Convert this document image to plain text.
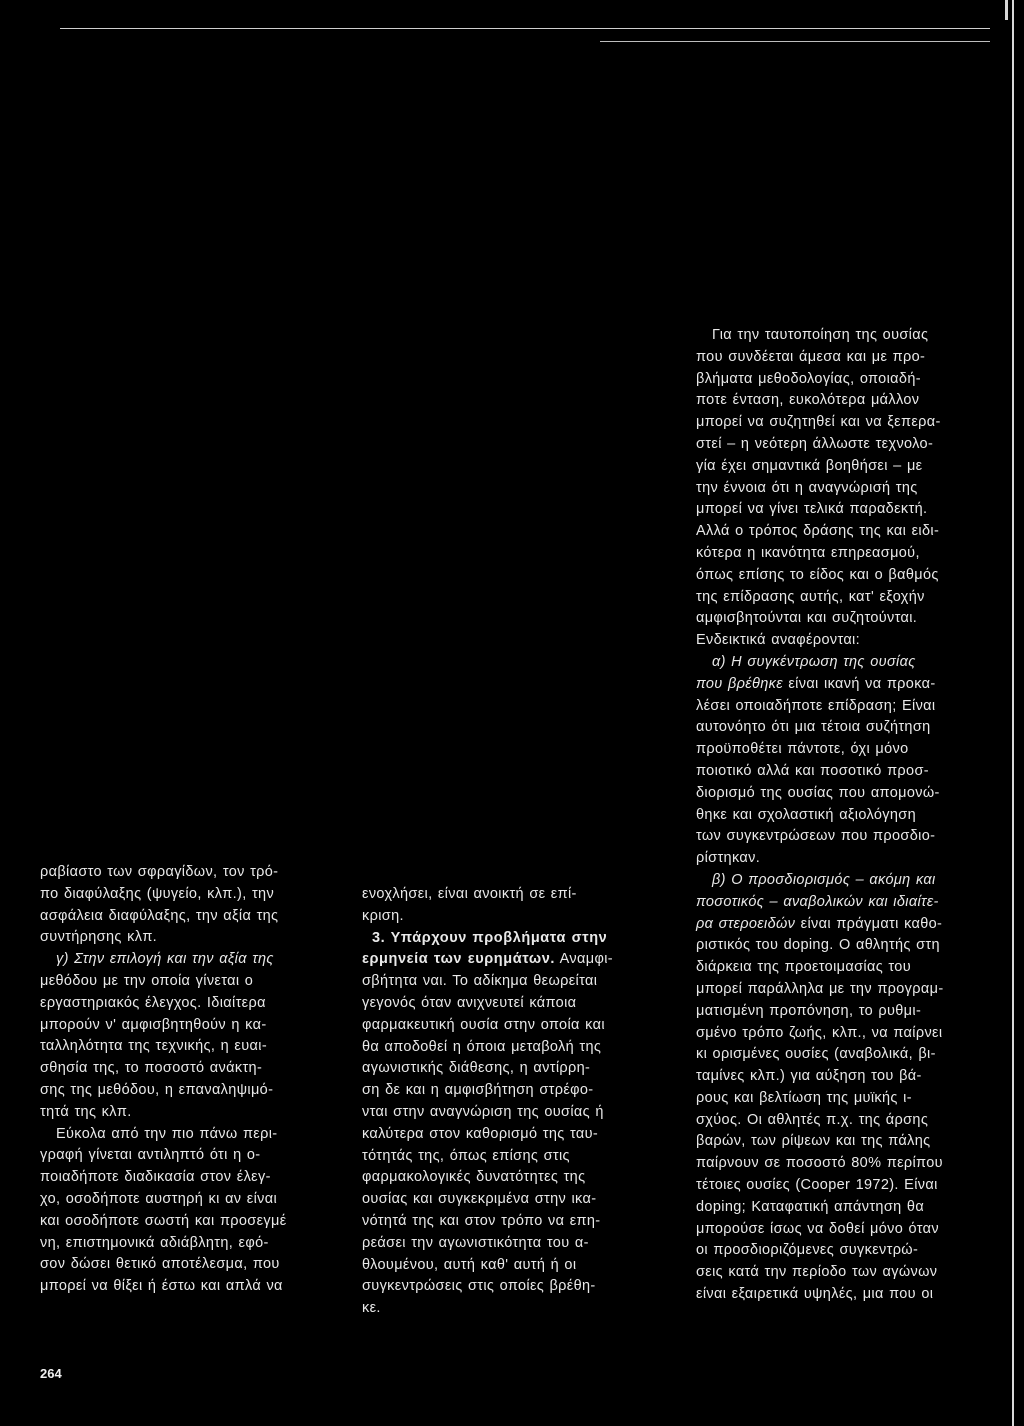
ραβίαστο των σφραγίδων, τον τρό-
πο διαφύλαξης (ψυγείο, κλπ.), την
ασφάλεια διαφύλαξης, την αξία της
συντήρησης κλπ.
γ) Στην επιλογή και την αξία της
μεθόδου με την οποία γίνεται ο
εργαστηριακός έλεγχος. Ιδιαίτερα
μπορούν ν' αμφισβητηθούν η κα-
ταλληλότητα της τεχνικής, η ευαι-
σθησία της, το ποσοστό ανάκτη-
σης της μεθόδου, η επαναληψιμό-
τητά της κλπ.
Εύκολα από την πιο πάνω περι-
γραφή γίνεται αντιληπτό ότι η ο-
ποιαδήποτε διαδικασία στον έλεγ-
χο, οσοδήποτε αυστηρή κι αν είναι
και οσοδήποτε σωστή και προσεγμέ
νη, επιστημονικά αδιάβλητη, εφό-
σον δώσει θετικό αποτέλεσμα, που
μπορεί να θίξει ή έστω και απλά να
ενοχλήσει, είναι ανοικτή σε επί-
κριση.
3. Υπάρχουν προβλήματα στην
ερμηνεία των ευρημάτων. Αναμφι-
σβήτητα ναι. Το αδίκημα θεωρείται
γεγονός όταν ανιχνευτεί κάποια
φαρμακευτική ουσία στην οποία και
θα αποδοθεί η όποια μεταβολή της
αγωνιστικής διάθεσης, η αντίρρη-
ση δε και η αμφισβήτηση στρέφο-
νται στην αναγνώριση της ουσίας ή
καλύτερα στον καθορισμό της ταυ-
τότητάς της, όπως επίσης στις
φαρμακολογικές δυνατότητες της
ουσίας και συγκεκριμένα στην ικα-
νότητά της και στον τρόπο να επη-
ρεάσει την αγωνιστικότητα του α-
θλουμένου, αυτή καθ' αυτή ή οι
συγκεντρώσεις στις οποίες βρέθη-
κε.
Για την ταυτοποίηση της ουσίας
που συνδέεται άμεσα και με προ-
βλήματα μεθοδολογίας, οποιαδή-
ποτε ένταση, ευκολότερα μάλλον
μπορεί να συζητηθεί και να ξεπερα-
στεί – η νεότερη άλλωστε τεχνολο-
γία έχει σημαντικά βοηθήσει – με
την έννοια ότι η αναγνώρισή της
μπορεί να γίνει τελικά παραδεκτή.
Αλλά ο τρόπος δράσης της και ειδι-
κότερα η ικανότητα επηρεασμού,
όπως επίσης το είδος και ο βαθμός
της επίδρασης αυτής, κατ' εξοχήν
αμφισβητούνται και συζητούνται.
Ενδεικτικά αναφέρονται:
α) Η συγκέντρωση της ουσίας
που βρέθηκε είναι ικανή να προκα-
λέσει οποιαδήποτε επίδραση; Είναι
αυτονόητο ότι μια τέτοια συζήτηση
προϋποθέτει πάντοτε, όχι μόνο
ποιοτικό αλλά και ποσοτικό προσ-
διορισμό της ουσίας που απομονώ-
θηκε και σχολαστική αξιολόγηση
των συγκεντρώσεων που προσδιο-
ρίστηκαν.
β) Ο προσδιορισμός – ακόμη και
ποσοτικός – αναβολικών και ιδιαίτε-
ρα στεροειδών είναι πράγματι καθο-
ριστικός του doping. Ο αθλητής στη
διάρκεια της προετοιμασίας του
μπορεί παράλληλα με την προγραμ-
ματισμένη προπόνηση, το ρυθμι-
σμένο τρόπο ζωής, κλπ., να παίρνει
κι ορισμένες ουσίες (αναβολικά, βι-
ταμίνες κλπ.) για αύξηση του βά-
ρους και βελτίωση της μυϊκής ι-
σχύος. Οι αθλητές π.χ. της άρσης
βαρών, των ρίψεων και της πάλης
παίρνουν σε ποσοστό 80% περίπου
τέτοιες ουσίες (Cooper 1972). Είναι
doping; Καταφατική απάντηση θα
μπορούσε ίσως να δοθεί μόνο όταν
οι προσδιοριζόμενες συγκεντρώ-
σεις κατά την περίοδο των αγώνων
είναι εξαιρετικά υψηλές, μια που οι
264
